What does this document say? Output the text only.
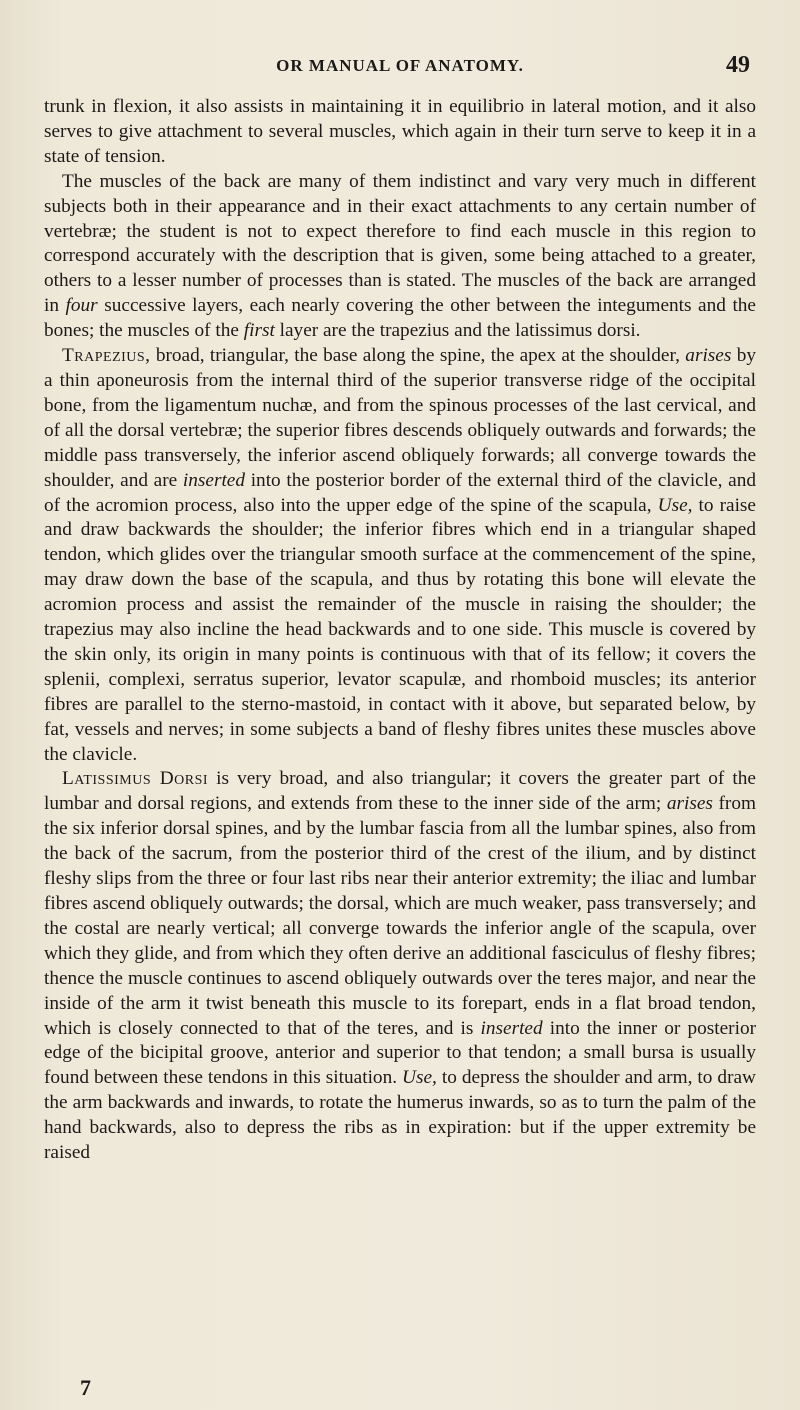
OR MANUAL OF ANATOMY.	49

trunk in flexion, it also assists in maintaining it in equilibrio in lateral motion, and it also serves to give attachment to several muscles, which again in their turn serve to keep it in a state of tension.

The muscles of the back are many of them indistinct and vary very much in different subjects both in their appearance and in their exact attachments to any certain number of vertebræ; the student is not to expect therefore to find each muscle in this region to correspond accurately with the description that is given, some being attached to a greater, others to a lesser number of processes than is stated. The muscles of the back are arranged in four successive layers, each nearly covering the other between the integuments and the bones; the muscles of the first layer are the trapezius and the latissimus dorsi.

Trapezius, broad, triangular, the base along the spine, the apex at the shoulder, arises by a thin aponeurosis from the internal third of the superior transverse ridge of the occipital bone, from the ligamentum nuchæ, and from the spinous processes of the last cervical, and of all the dorsal vertebræ; the superior fibres descends obliquely outwards and forwards; the middle pass transversely, the inferior ascend obliquely forwards; all converge towards the shoulder, and are inserted into the posterior border of the external third of the clavicle, and of the acromion process, also into the upper edge of the spine of the scapula, Use, to raise and draw backwards the shoulder; the inferior fibres which end in a triangular shaped tendon, which glides over the triangular smooth surface at the commencement of the spine, may draw down the base of the scapula, and thus by rotating this bone will elevate the acromion process and assist the remainder of the muscle in raising the shoulder; the trapezius may also incline the head backwards and to one side. This muscle is covered by the skin only, its origin in many points is continuous with that of its fellow; it covers the splenii, complexi, serratus superior, levator scapulæ, and rhomboid muscles; its anterior fibres are parallel to the sterno-mastoid, in contact with it above, but separated below, by fat, vessels and nerves; in some subjects a band of fleshy fibres unites these muscles above the clavicle.

Latissimus Dorsi is very broad, and also triangular; it covers the greater part of the lumbar and dorsal regions, and extends from these to the inner side of the arm; arises from the six inferior dorsal spines, and by the lumbar fascia from all the lumbar spines, also from the back of the sacrum, from the posterior third of the crest of the ilium, and by distinct fleshy slips from the three or four last ribs near their anterior extremity; the iliac and lumbar fibres ascend obliquely outwards; the dorsal, which are much weaker, pass transversely; and the costal are nearly vertical; all converge towards the inferior angle of the scapula, over which they glide, and from which they often derive an additional fasciculus of fleshy fibres; thence the muscle continues to ascend obliquely outwards over the teres major, and near the inside of the arm it twist beneath this muscle to its forepart, ends in a flat broad tendon, which is closely connected to that of the teres, and is inserted into the inner or posterior edge of the bicipital groove, anterior and superior to that tendon; a small bursa is usually found between these tendons in this situation. Use, to depress the shoulder and arm, to draw the arm backwards and inwards, to rotate the humerus inwards, so as to turn the palm of the hand backwards, also to depress the ribs as in expiration: but if the upper extremity be raised

7
